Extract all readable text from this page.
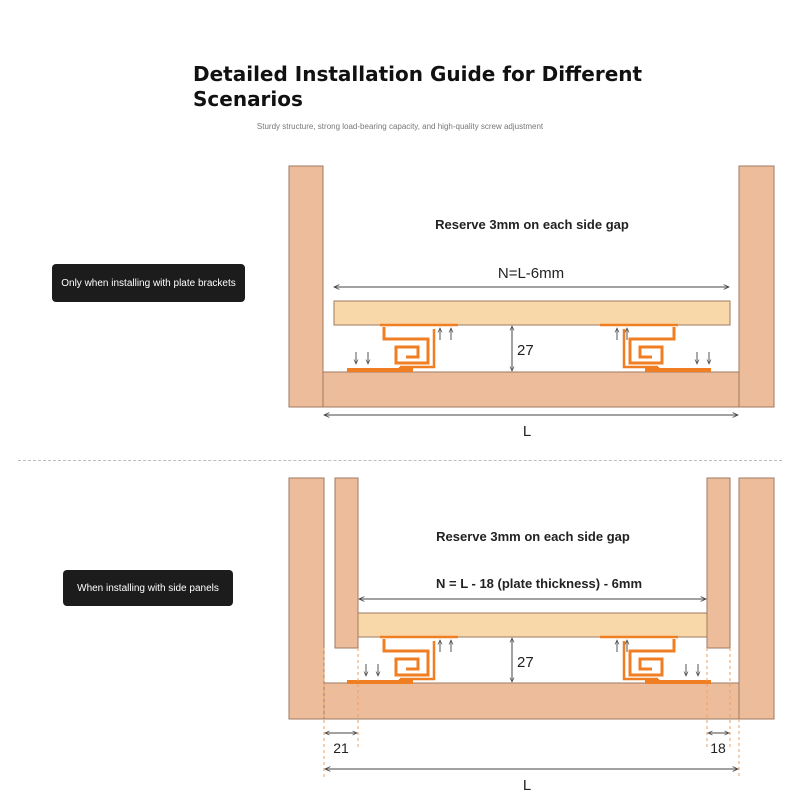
Detailed Installation Guide for Different Scenarios
Sturdy structure, strong load-bearing capacity, and high-quality screw adjustment
Only when installing with plate brackets
When installing with side panels
Reserve 3mm on each side gap
N=L-6mm
27
L
Reserve 3mm on each side gap
N = L - 18 (plate thickness) - 6mm
27
21	18
L
